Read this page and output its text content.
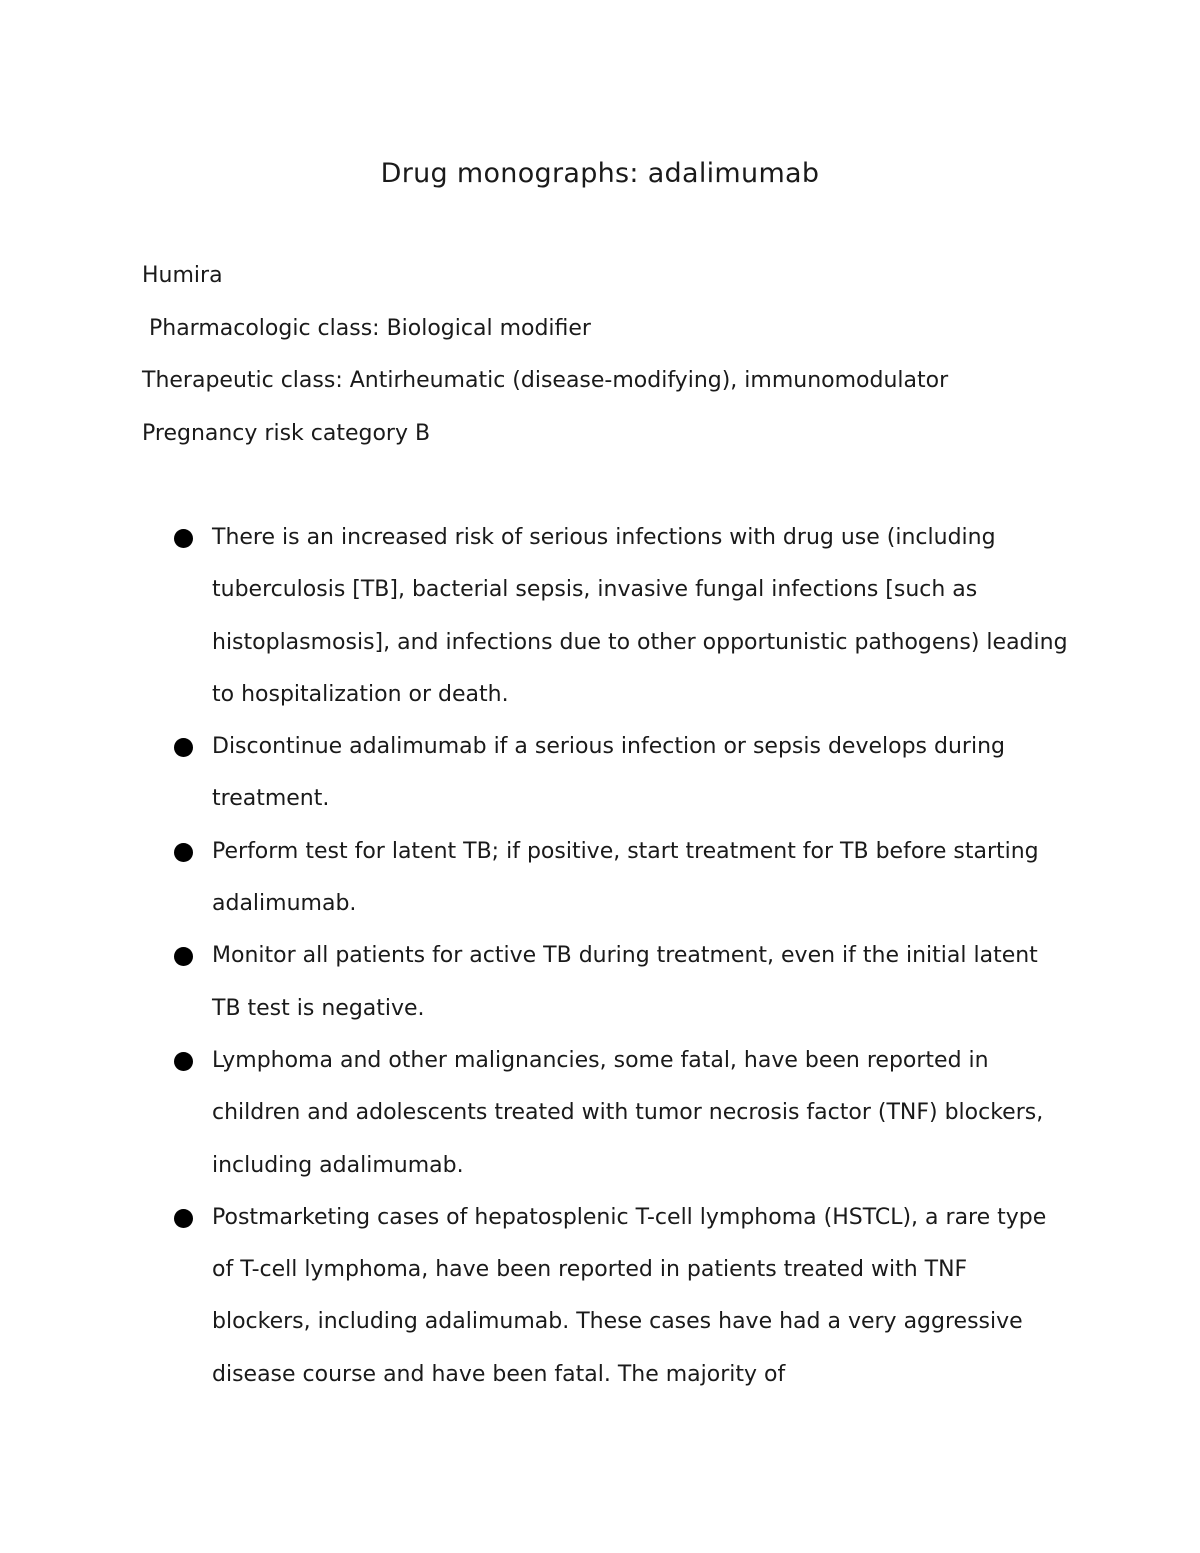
Drug monographs: adalimumab

Humira

Pharmacologic class: Biological modifier

Therapeutic class: Antirheumatic (disease-modifying), immunomodulator

Pregnancy risk category B

There is an increased risk of serious infections with drug use (including tuberculosis [TB], bacterial sepsis, invasive fungal infections [such as histoplasmosis], and infections due to other opportunistic pathogens) leading to hospitalization or death.
Discontinue adalimumab if a serious infection or sepsis develops during treatment.
Perform test for latent TB; if positive, start treatment for TB before starting adalimumab.
Monitor all patients for active TB during treatment, even if the initial latent TB test is negative.
Lymphoma and other malignancies, some fatal, have been reported in children and adolescents treated with tumor necrosis factor (TNF) blockers, including adalimumab.
Postmarketing cases of hepatosplenic T-cell lymphoma (HSTCL), a rare type of T-cell lymphoma, have been reported in patients treated with TNF blockers, including adalimumab. These cases have had a very aggressive disease course and have been fatal. The majority of
